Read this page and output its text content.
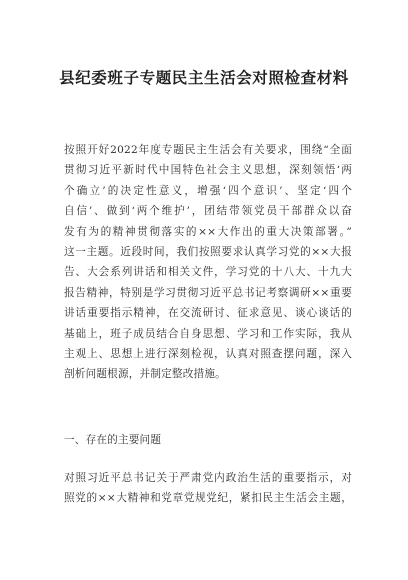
县纪委班子专题民主生活会对照检查材料
按照开好2022年度专题民主生活会有关要求，围绕“全面
贯彻习近平新时代中国特色社会主义思想，深刻领悟‘两
个确立’的决定性意义，增强‘四个意识’、坚定‘四个
自信’、做到‘两个维护’，团结带领党员干部群众以奋
发有为的精神贯彻落实的××大作出的重大决策部署。”
这一主题。近段时间，我们按照要求认真学习党的××大报
告、大会系列讲话和相关文件，学习党的十八大、十九大
报告精神，特别是学习贯彻习近平总书记考察调研××重要
讲话重要指示精神，在交流研讨、征求意见、谈心谈话的
基础上，班子成员结合自身思想、学习和工作实际，我从
主观上、思想上进行深刻检视，认真对照查摆问题，深入
剖析问题根源，并制定整改措施。
一、存在的主要问题
对照习近平总书记关于严肃党内政治生活的重要指示，对
照党的××大精神和党章党规党纪，紧扣民主生活会主题，
